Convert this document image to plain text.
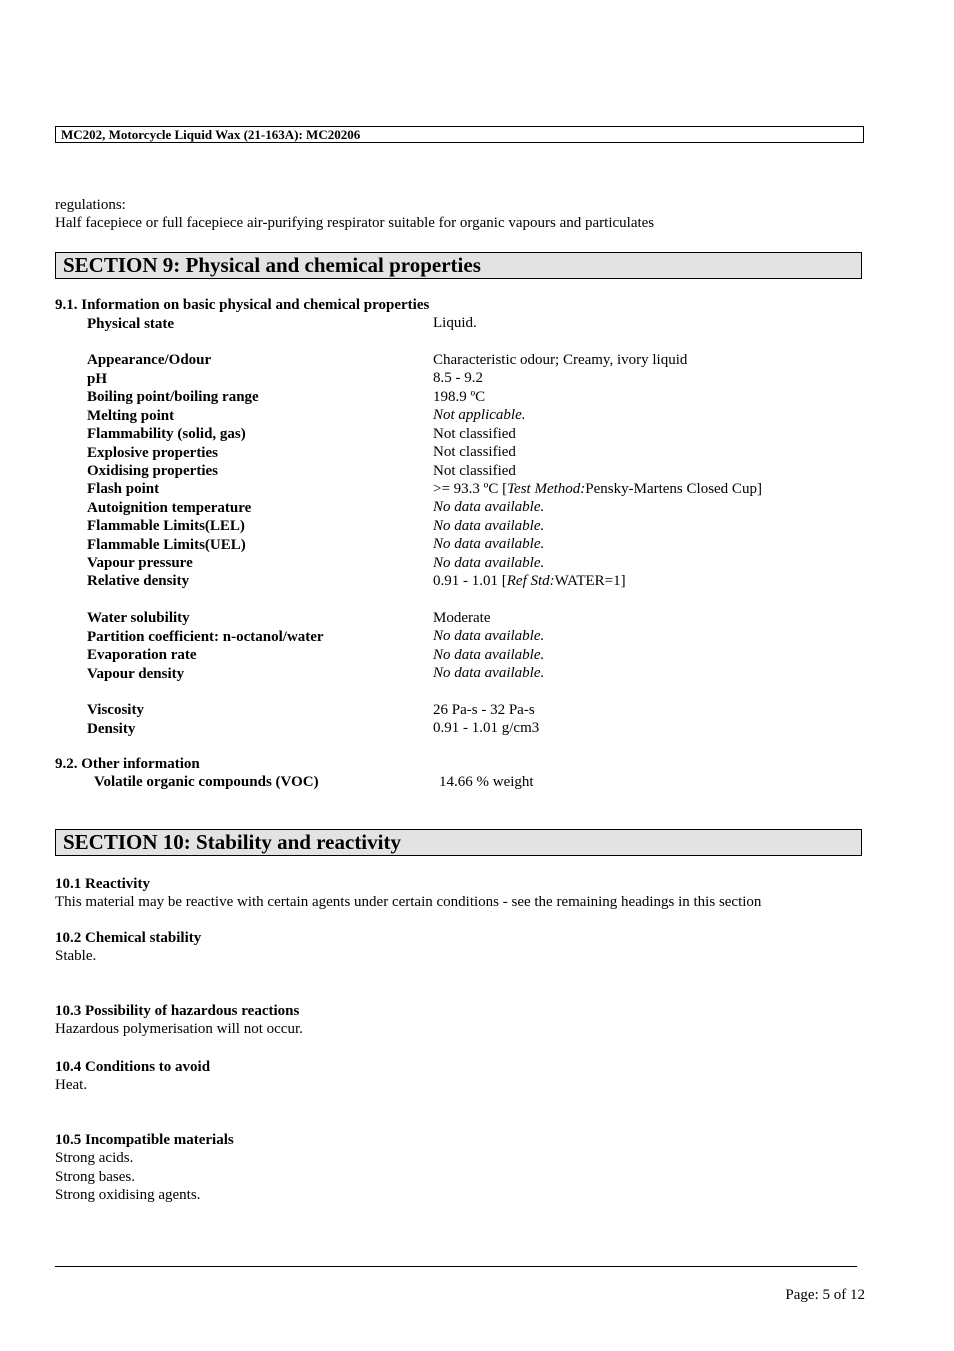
MC202, Motorcycle Liquid Wax (21-163A): MC20206
regulations:
Half facepiece or full facepiece air-purifying respirator suitable for organic vapours and particulates
SECTION 9: Physical and chemical properties
9.1. Information on basic physical and chemical properties
Physical state	Liquid.
Appearance/Odour	Characteristic odour; Creamy, ivory liquid
pH	8.5 - 9.2
Boiling point/boiling range	198.9 ºC
Melting point	Not applicable.
Flammability (solid, gas)	Not classified
Explosive properties	Not classified
Oxidising properties	Not classified
Flash point	>= 93.3 ºC [Test Method:Pensky-Martens Closed Cup]
Autoignition temperature	No data available.
Flammable Limits(LEL)	No data available.
Flammable Limits(UEL)	No data available.
Vapour pressure	No data available.
Relative density	0.91 - 1.01 [Ref Std:WATER=1]
Water solubility	Moderate
Partition coefficient: n-octanol/water	No data available.
Evaporation rate	No data available.
Vapour density	No data available.
Viscosity	26 Pa-s - 32 Pa-s
Density	0.91 - 1.01 g/cm3
9.2. Other information
Volatile organic compounds (VOC)	14.66 % weight
SECTION 10: Stability and reactivity
10.1 Reactivity
This material may be reactive with certain agents under certain conditions - see the remaining headings in this section
10.2 Chemical stability
Stable.
10.3 Possibility of hazardous reactions
Hazardous polymerisation will not occur.
10.4 Conditions to avoid
Heat.
10.5 Incompatible materials
Strong acids.
Strong bases.
Strong oxidising agents.
Page: 5 of 12
